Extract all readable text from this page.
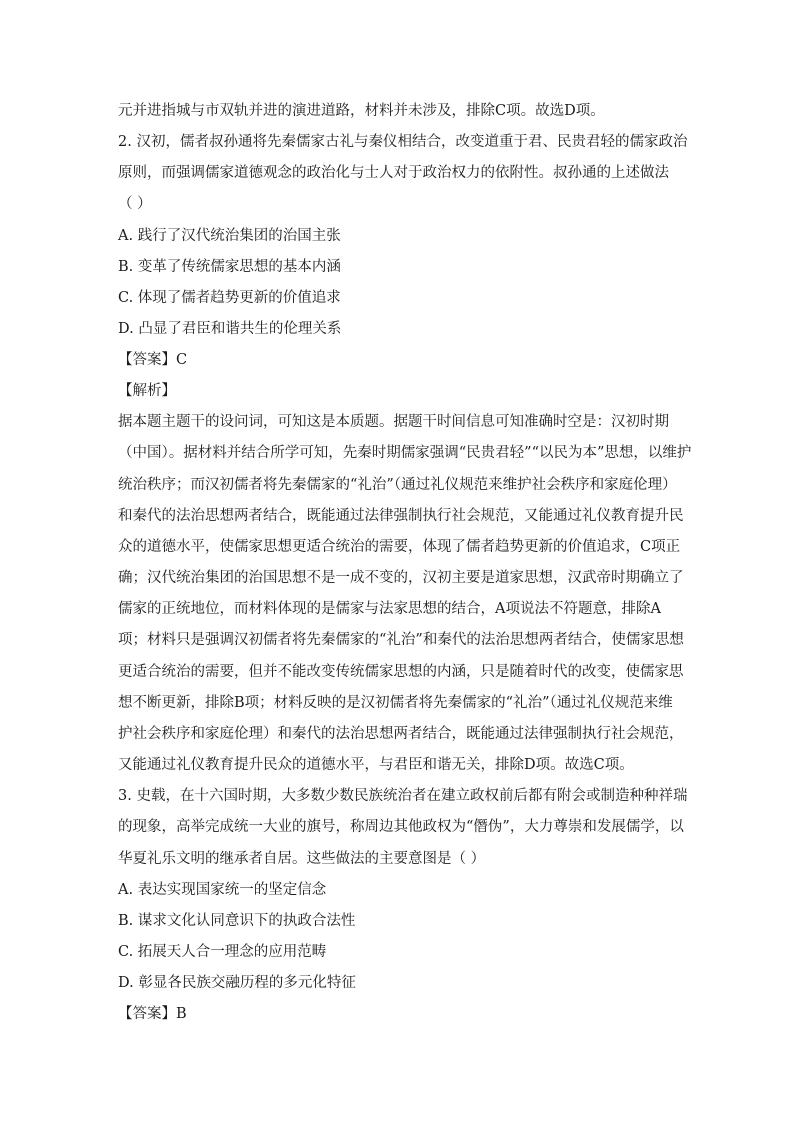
元并进指城与市双轨并进的演进道路，材料并未涉及，排除C项。故选D项。
2. 汉初，儒者叔孙通将先秦儒家古礼与秦仪相结合，改变道重于君、民贵君轻的儒家政治
原则，而强调儒家道德观念的政治化与士人对于政治权力的依附性。叔孙通的上述做法
（ ）
A. 践行了汉代统治集团的治国主张
B. 变革了传统儒家思想的基本内涵
C. 体现了儒者趋势更新的价值追求
D. 凸显了君臣和谐共生的伦理关系
【答案】C
【解析】
据本题主题干的设问词，可知这是本质题。据题干时间信息可知准确时空是：汉初时期
（中国）。据材料并结合所学可知，先秦时期儒家强调“民贵君轻”“以民为本”思想，以维护
统治秩序；而汉初儒者将先秦儒家的“礼治”（通过礼仪规范来维护社会秩序和家庭伦理）
和秦代的法治思想两者结合，既能通过法律强制执行社会规范，又能通过礼仪教育提升民
众的道德水平，使儒家思想更适合统治的需要，体现了儒者趋势更新的价值追求，C项正
确；汉代统治集团的治国思想不是一成不变的，汉初主要是道家思想，汉武帝时期确立了
儒家的正统地位，而材料体现的是儒家与法家思想的结合，A项说法不符题意，排除A
项；材料只是强调汉初儒者将先秦儒家的“礼治”和秦代的法治思想两者结合，使儒家思想
更适合统治的需要，但并不能改变传统儒家思想的内涵，只是随着时代的改变，使儒家思
想不断更新，排除B项；材料反映的是汉初儒者将先秦儒家的“礼治”（通过礼仪规范来维
护社会秩序和家庭伦理）和秦代的法治思想两者结合，既能通过法律强制执行社会规范，
又能通过礼仪教育提升民众的道德水平，与君臣和谐无关，排除D项。故选C项。
3. 史载，在十六国时期，大多数少数民族统治者在建立政权前后都有附会或制造种种祥瑞
的现象，高举完成统一大业的旗号，称周边其他政权为“僭伪”，大力尊崇和发展儒学，以
华夏礼乐文明的继承者自居。这些做法的主要意图是（ ）
A. 表达实现国家统一的坚定信念
B. 谋求文化认同意识下的执政合法性
C. 拓展天人合一理念的应用范畴
D. 彰显各民族交融历程的多元化特征
【答案】B
